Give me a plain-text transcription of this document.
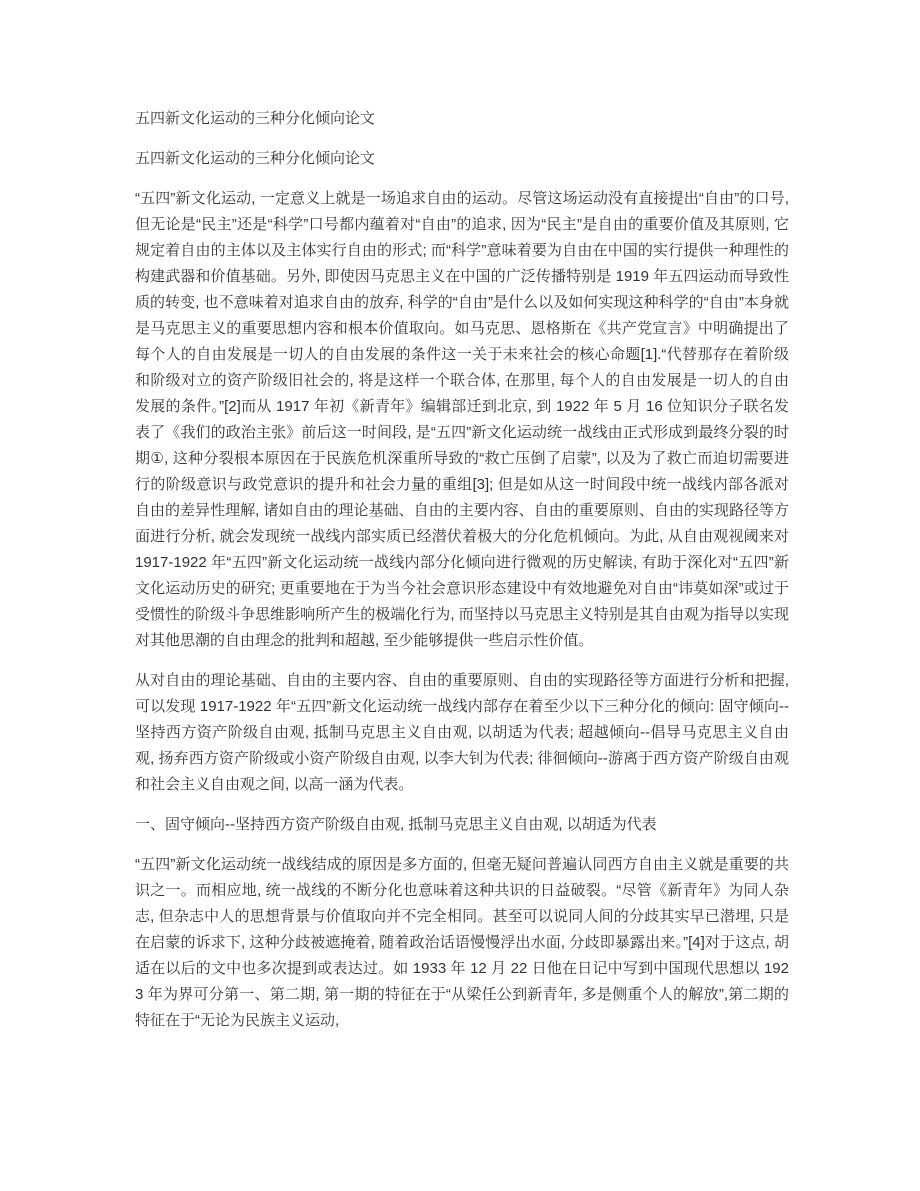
五四新文化运动的三种分化倾向论文

五四新文化运动的三种分化倾向论文

“五四”新文化运动, 一定意义上就是一场追求自由的运动。尽管这场运动没有直接提出“自由”的口号, 但无论是“民主”还是“科学”口号都内蕴着对“自由”的追求, 因为“民主”是自由的重要价值及其原则, 它规定着自由的主体以及主体实行自由的形式; 而“科学”意味着要为自由在中国的实行提供一种理性的构建武器和价值基础。另外, 即使因马克思主义在中国的广泛传播特别是 1919 年五四运动而导致性质的转变, 也不意味着对追求自由的放弃, 科学的“自由”是什么以及如何实现这种科学的“自由”本身就是马克思主义的重要思想内容和根本价值取向。如马克思、恩格斯在《共产党宣言》中明确提出了每个人的自由发展是一切人的自由发展的条件这一关于未来社会的核心命题[1].“代替那存在着阶级和阶级对立的资产阶级旧社会的, 将是这样一个联合体, 在那里, 每个人的自由发展是一切人的自由发展的条件。”[2]而从 1917 年初《新青年》编辑部迁到北京, 到 1922 年 5 月 16 位知识分子联名发表了《我们的政治主张》前后这一时间段, 是“五四”新文化运动统一战线由正式形成到最终分裂的时期①, 这种分裂根本原因在于民族危机深重所导致的“救亡压倒了启蒙”, 以及为了救亡而迫切需要进行的阶级意识与政党意识的提升和社会力量的重组[3]; 但是如从这一时间段中统一战线内部各派对自由的差异性理解, 诸如自由的理论基础、自由的主要内容、自由的重要原则、自由的实现路径等方面进行分析, 就会发现统一战线内部实质已经潜伏着极大的分化危机倾向。为此, 从自由观视阈来对 1917-1922 年“五四”新文化运动统一战线内部分化倾向进行微观的历史解读, 有助于深化对“五四”新文化运动历史的研究; 更重要地在于为当今社会意识形态建设中有效地避免对自由“讳莫如深”或过于受惯性的阶级斗争思维影响所产生的极端化行为, 而坚持以马克思主义特别是其自由观为指导以实现对其他思潮的自由理念的批判和超越, 至少能够提供一些启示性价值。

从对自由的理论基础、自由的主要内容、自由的重要原则、自由的实现路径等方面进行分析和把握, 可以发现 1917-1922 年“五四”新文化运动统一战线内部存在着至少以下三种分化的倾向: 固守倾向--坚持西方资产阶级自由观, 抵制马克思主义自由观, 以胡适为代表; 超越倾向--倡导马克思主义自由观, 扬弃西方资产阶级或小资产阶级自由观, 以李大钊为代表; 徘徊倾向--游离于西方资产阶级自由观和社会主义自由观之间, 以高一涵为代表。

一、固守倾向--坚持西方资产阶级自由观, 抵制马克思主义自由观, 以胡适为代表

“五四”新文化运动统一战线结成的原因是多方面的, 但毫无疑问普遍认同西方自由主义就是重要的共识之一。而相应地, 统一战线的不断分化也意味着这种共识的日益破裂。“尽管《新青年》为同人杂志, 但杂志中人的思想背景与价值取向并不完全相同。甚至可以说同人间的分歧其实早已潜埋, 只是在启蒙的诉求下, 这种分歧被遮掩着, 随着政治话语慢慢浮出水面, 分歧即暴露出来。”[4]对于这点, 胡适在以后的文中也多次提到或表达过。如 1933 年 12 月 22 日他在日记中写到中国现代思想以 1923 年为界可分第一、第二期, 第一期的特征在于“从梁任公到新青年, 多是侧重个人的解放”,第二期的特征在于“无论为民族主义运动,
